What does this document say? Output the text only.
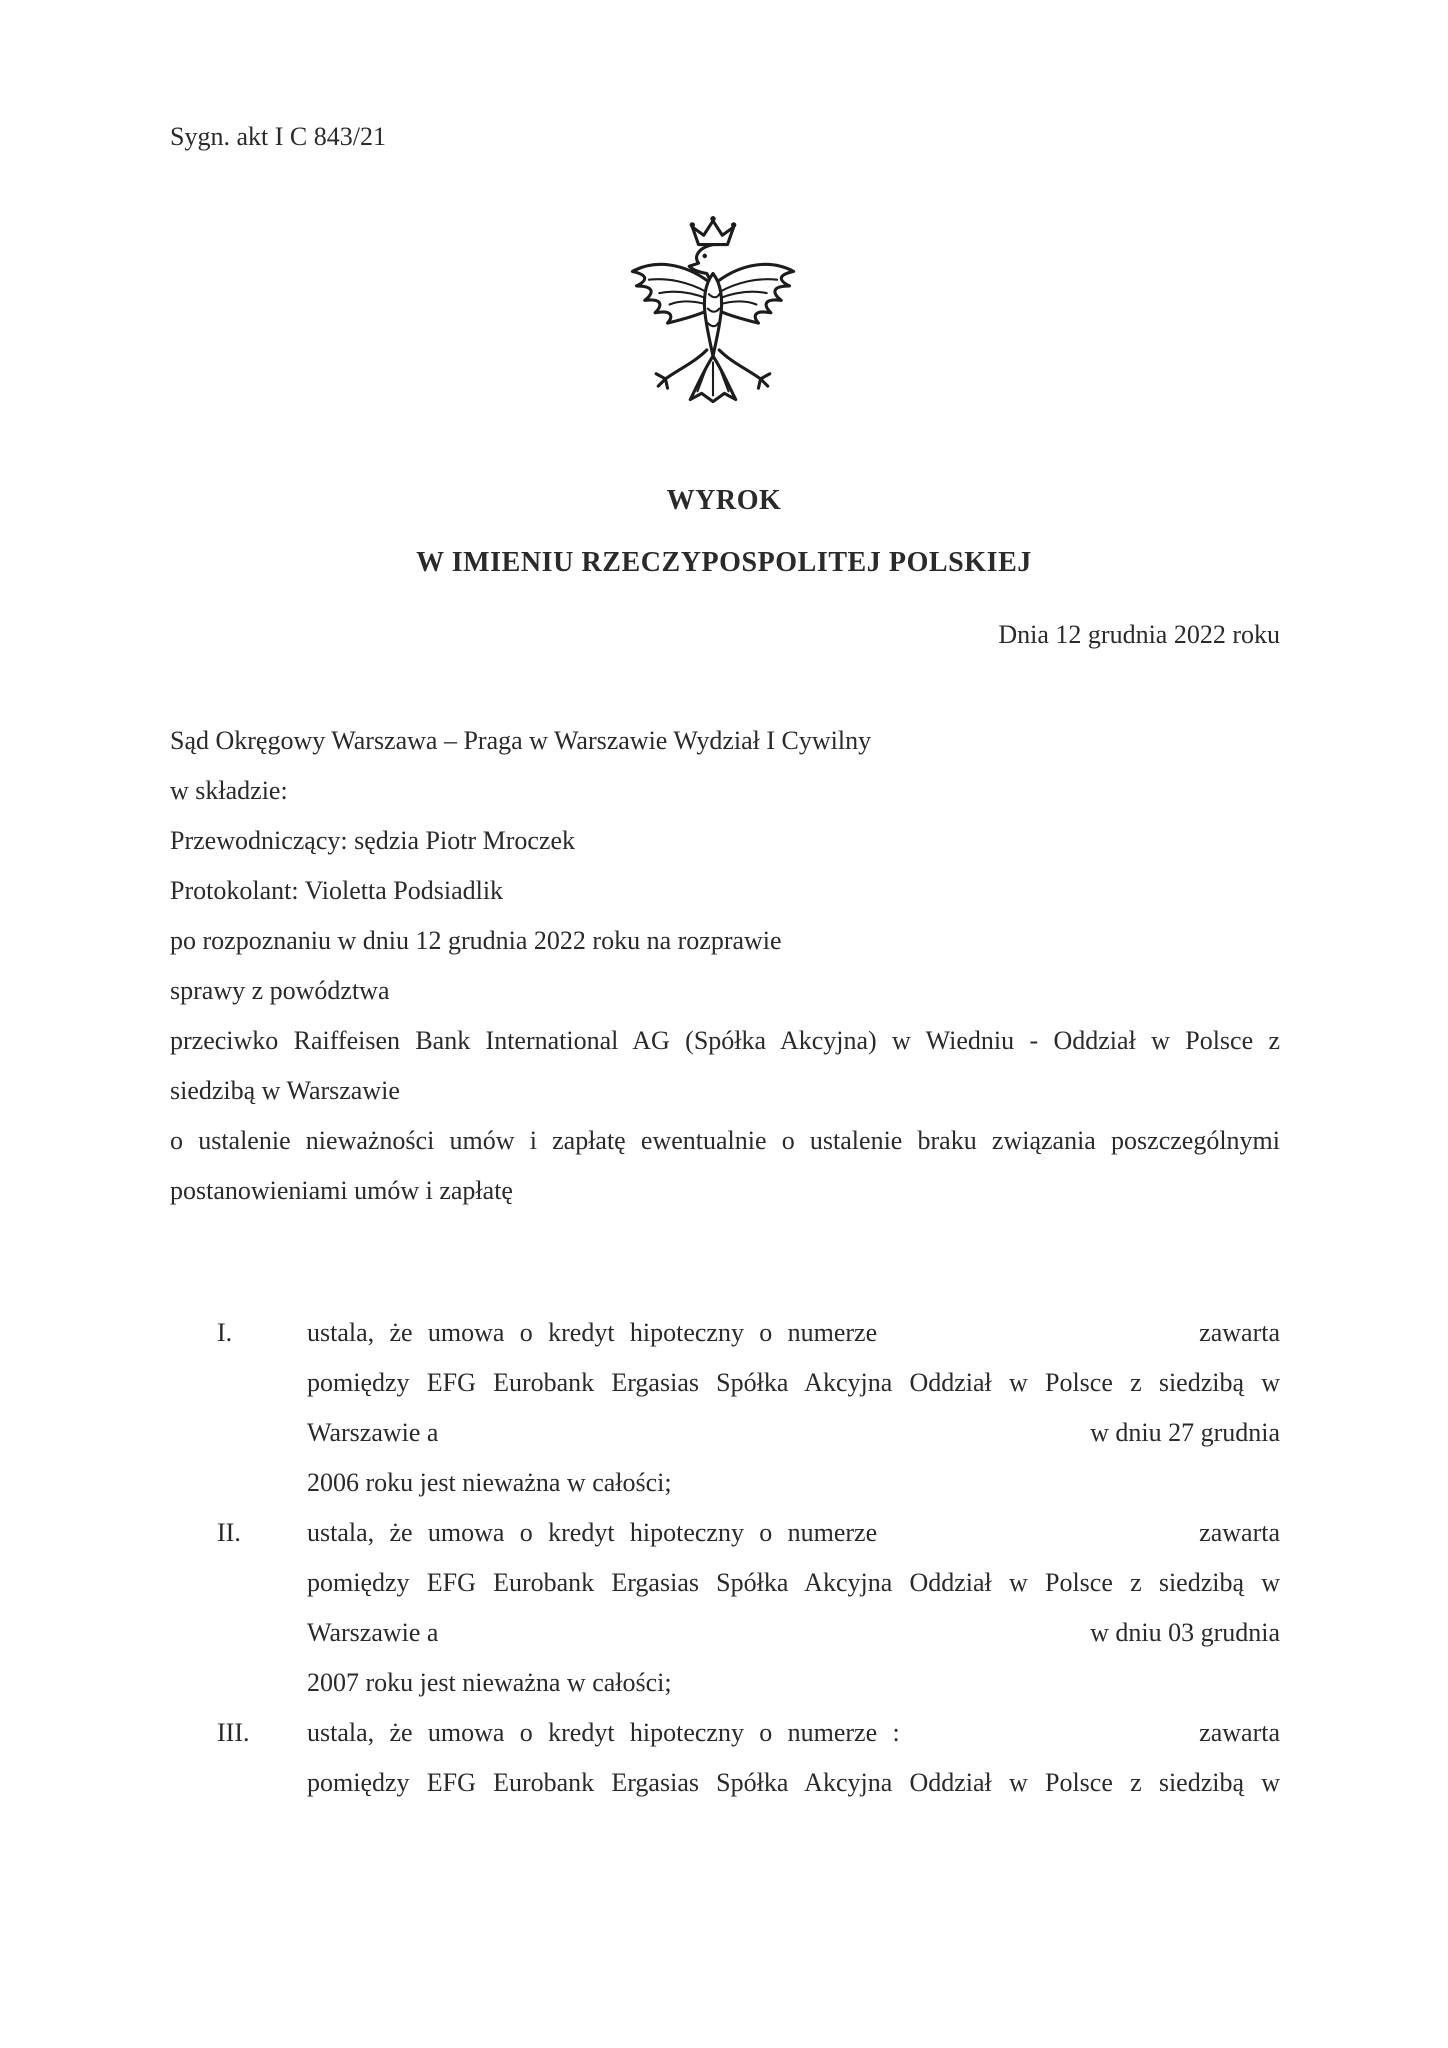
Sygn. akt I C 843/21
WYROK
W IMIENIU RZECZYPOSPOLITEJ POLSKIEJ
Dnia 12 grudnia 2022 roku
Sąd Okręgowy Warszawa – Praga w Warszawie Wydział I Cywilny
w składzie:
Przewodniczący: sędzia Piotr Mroczek
Protokolant: Violetta Podsiadlik
po rozpoznaniu w dniu 12 grudnia 2022 roku na rozprawie
sprawy z powództwa
przeciwko Raiffeisen Bank International AG (Spółka Akcyjna) w Wiedniu - Oddział w Polsce z
siedzibą w Warszawie
o ustalenie nieważności umów i zapłatę ewentualnie o ustalenie braku związania poszczególnymi
postanowieniami umów i zapłatę
I.	ustala, że umowa o kredyt hipoteczny o numerze	zawarta
pomiędzy EFG Eurobank Ergasias Spółka Akcyjna Oddział w Polsce z siedzibą w
Warszawie a	w dniu 27 grudnia
2006 roku jest nieważna w całości;
II.	ustala, że umowa o kredyt hipoteczny o numerze	zawarta
pomiędzy EFG Eurobank Ergasias Spółka Akcyjna Oddział w Polsce z siedzibą w
Warszawie a	w dniu 03 grudnia
2007 roku jest nieważna w całości;
III. ustala, że umowa o kredyt hipoteczny o numerze :	zawarta
pomiędzy EFG Eurobank Ergasias Spółka Akcyjna Oddział w Polsce z siedzibą w
